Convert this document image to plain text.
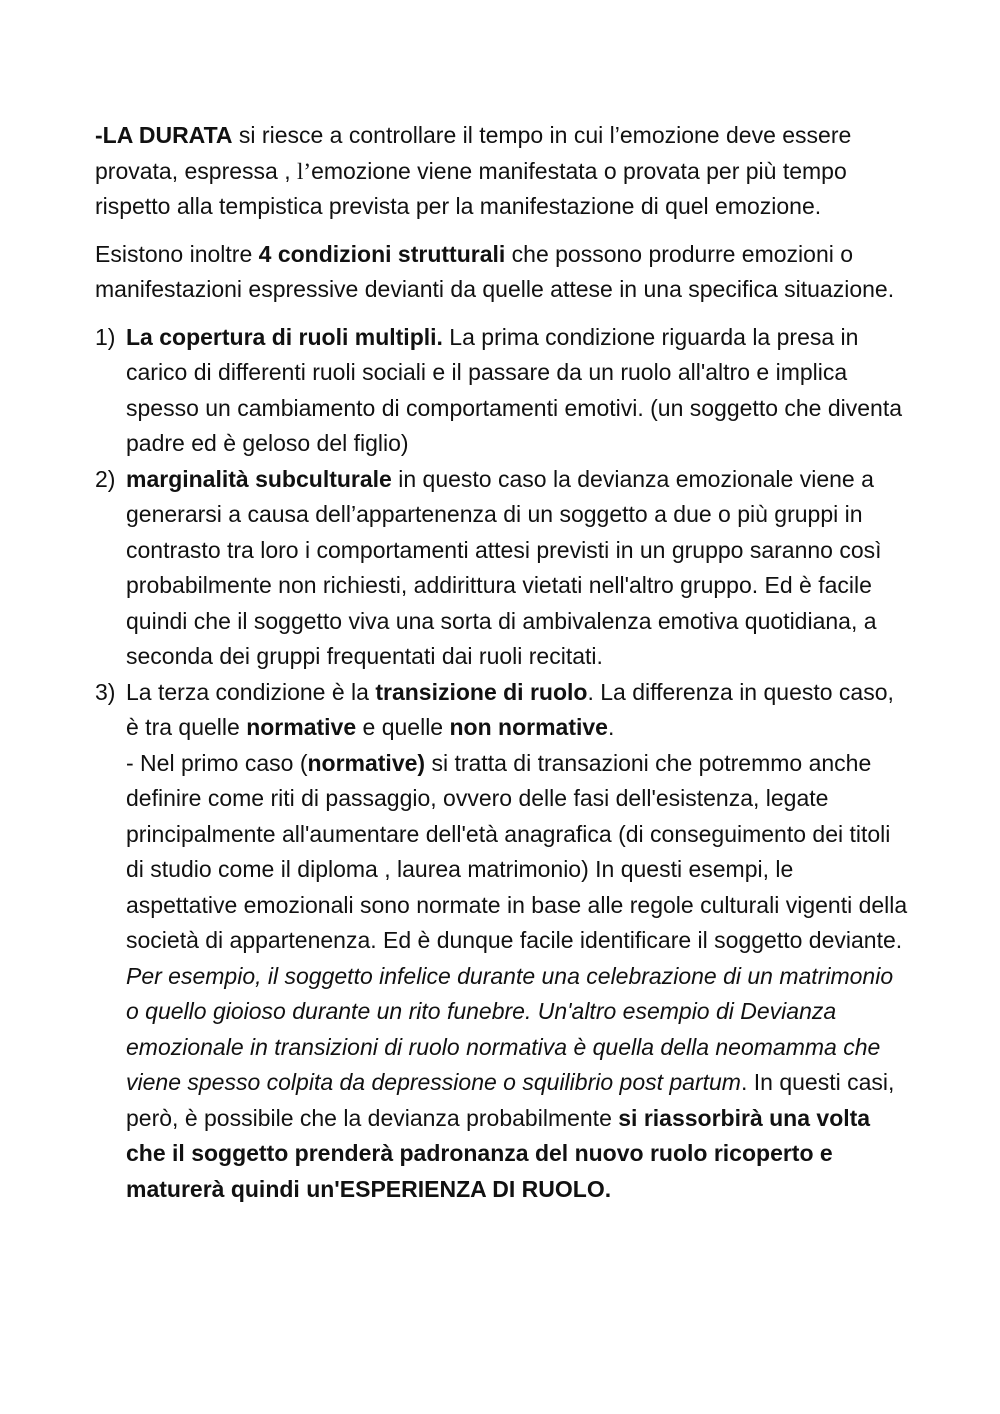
-LA DURATA si riesce a controllare il tempo in cui l’emozione deve essere provata, espressa , l’emozione viene manifestata o provata per più tempo rispetto alla tempistica prevista per la manifestazione di quel emozione.

Esistono inoltre 4 condizioni strutturali che possono produrre emozioni o manifestazioni espressive devianti da quelle attese in una specifica situazione.

1) La copertura di ruoli multipli. La prima condizione riguarda la presa in carico di differenti ruoli sociali e il passare da un ruolo all'altro e implica spesso un cambiamento di comportamenti emotivi. (un soggetto che diventa padre ed è geloso del figlio)
2) marginalità subculturale in questo caso la devianza emozionale viene a generarsi a causa dell’appartenenza di un soggetto a due o più gruppi in contrasto tra loro i comportamenti attesi previsti in un gruppo saranno così probabilmente non richiesti, addirittura vietati nell'altro gruppo. Ed è facile quindi che il soggetto viva una sorta di ambivalenza emotiva quotidiana, a seconda dei gruppi frequentati dai ruoli recitati.
3) La terza condizione è la transizione di ruolo. La differenza in questo caso, è tra quelle normative e quelle non normative.
- Nel primo caso (normative) si tratta di transazioni che potremmo anche definire come riti di passaggio, ovvero delle fasi dell'esistenza, legate principalmente all'aumentare dell'età anagrafica (di conseguimento dei titoli di studio come il diploma , laurea matrimonio) In questi esempi, le aspettative emozionali sono normate in base alle regole culturali vigenti della società di appartenenza. Ed è dunque facile identificare il soggetto deviante. Per esempio, il soggetto infelice durante una celebrazione di un matrimonio o quello gioioso durante un rito funebre. Un'altro esempio di Devianza emozionale in transizioni di ruolo normativa è quella della neomamma che viene spesso colpita da depressione o squilibrio post partum. In questi casi, però, è possibile che la devianza probabilmente si riassorbirà una volta che il soggetto prenderà padronanza del nuovo ruolo ricoperto e maturerà quindi un'ESPERIENZA DI RUOLO.
